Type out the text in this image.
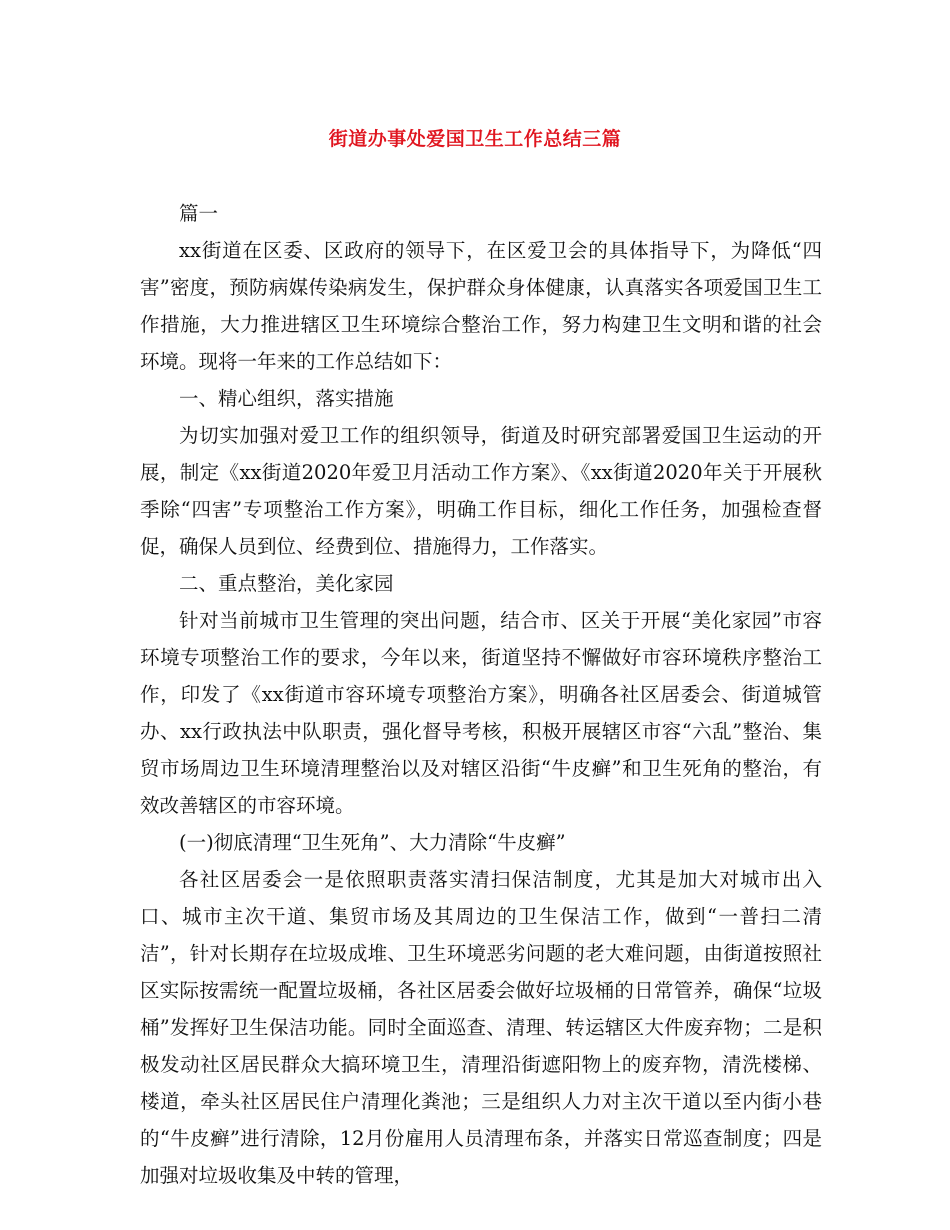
街道办事处爱国卫生工作总结三篇

篇一

xx街道在区委、区政府的领导下，在区爱卫会的具体指导下，为降低“四害”密度，预防病媒传染病发生，保护群众身体健康，认真落实各项爱国卫生工作措施，大力推进辖区卫生环境综合整治工作，努力构建卫生文明和谐的社会环境。现将一年来的工作总结如下：

一、精心组织，落实措施

为切实加强对爱卫工作的组织领导，街道及时研究部署爱国卫生运动的开展，制定《xx街道2020年爱卫月活动工作方案》、《xx街道2020年关于开展秋季除“四害”专项整治工作方案》，明确工作目标，细化工作任务，加强检查督促，确保人员到位、经费到位、措施得力，工作落实。

二、重点整治，美化家园

针对当前城市卫生管理的突出问题，结合市、区关于开展“美化家园”市容环境专项整治工作的要求，今年以来，街道坚持不懈做好市容环境秩序整治工作，印发了《xx街道市容环境专项整治方案》，明确各社区居委会、街道城管办、xx行政执法中队职责，强化督导考核，积极开展辖区市容“六乱”整治、集贸市场周边卫生环境清理整治以及对辖区沿街“牛皮癣”和卫生死角的整治，有效改善辖区的市容环境。

(一)彻底清理“卫生死角”、大力清除“牛皮癣”

各社区居委会一是依照职责落实清扫保洁制度，尤其是加大对城市出入口、城市主次干道、集贸市场及其周边的卫生保洁工作，做到“一普扫二清洁”，针对长期存在垃圾成堆、卫生环境恶劣问题的老大难问题，由街道按照社区实际按需统一配置垃圾桶，各社区居委会做好垃圾桶的日常管养，确保“垃圾桶”发挥好卫生保洁功能。同时全面巡查、清理、转运辖区大件废弃物；二是积极发动社区居民群众大搞环境卫生，清理沿街遮阳物上的废弃物，清洗楼梯、楼道，牵头社区居民住户清理化粪池；三是组织人力对主次干道以至内街小巷的“牛皮癣”进行清除，12月份雇用人员清理布条，并落实日常巡查制度；四是加强对垃圾收集及中转的管理，
